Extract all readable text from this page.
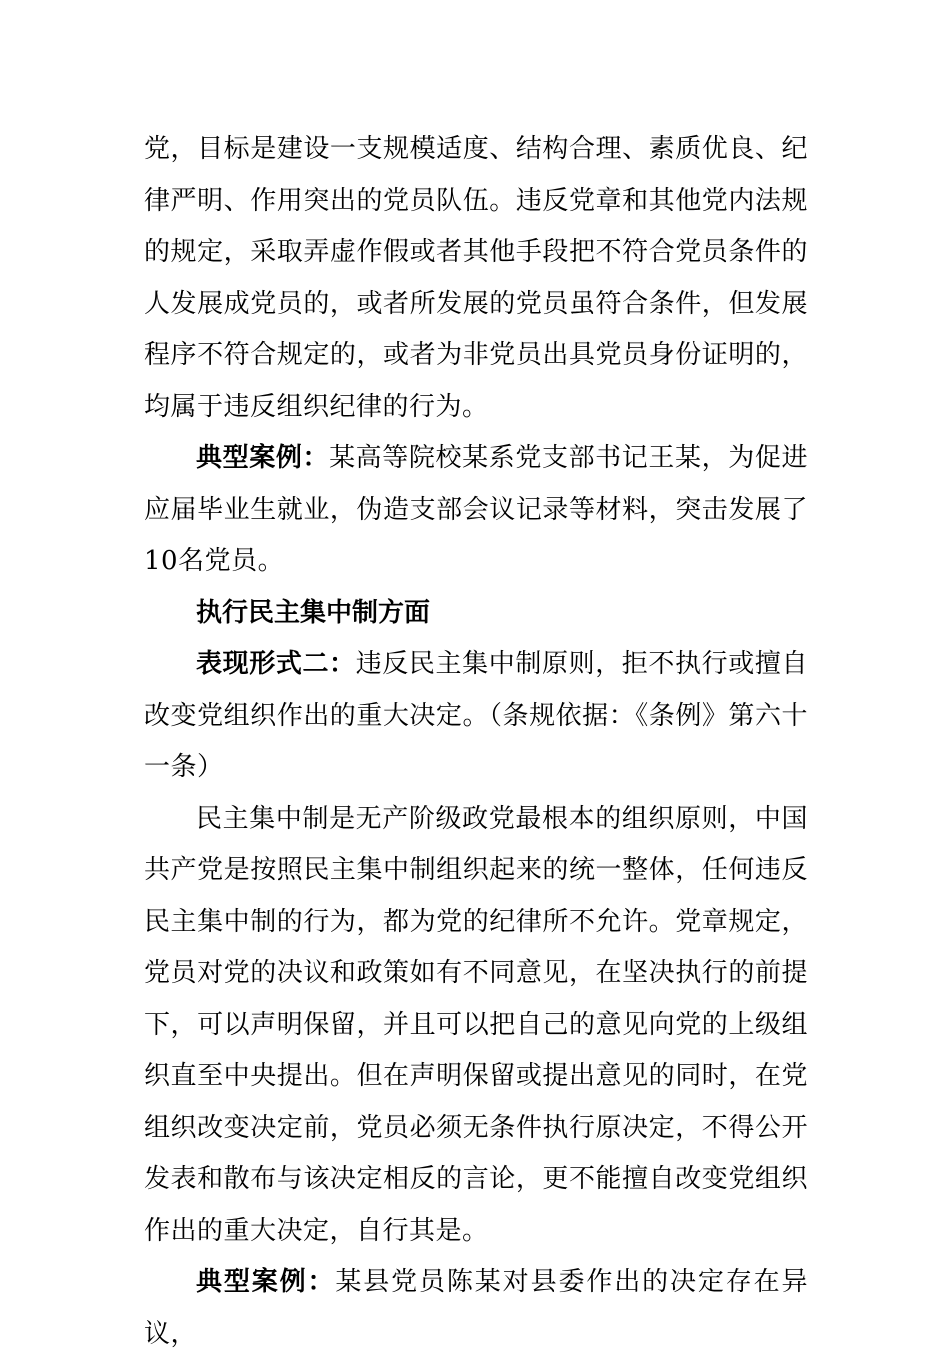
党，目标是建设一支规模适度、结构合理、素质优良、纪律严明、作用突出的党员队伍。违反党章和其他党内法规的规定，采取弄虚作假或者其他手段把不符合党员条件的人发展成党员的，或者所发展的党员虽符合条件，但发展程序不符合规定的，或者为非党员出具党员身份证明的，均属于违反组织纪律的行为。

典型案例：某高等院校某系党支部书记王某，为促进应届毕业生就业，伪造支部会议记录等材料，突击发展了10名党员。

执行民主集中制方面

表现形式二：违反民主集中制原则，拒不执行或擅自改变党组织作出的重大决定。（条规依据：《条例》第六十一条）

民主集中制是无产阶级政党最根本的组织原则，中国共产党是按照民主集中制组织起来的统一整体，任何违反民主集中制的行为，都为党的纪律所不允许。党章规定，党员对党的决议和政策如有不同意见，在坚决执行的前提下，可以声明保留，并且可以把自己的意见向党的上级组织直至中央提出。但在声明保留或提出意见的同时，在党组织改变决定前，党员必须无条件执行原决定，不得公开发表和散布与该决定相反的言论，更不能擅自改变党组织作出的重大决定，自行其是。

典型案例：某县党员陈某对县委作出的决定存在异议，
